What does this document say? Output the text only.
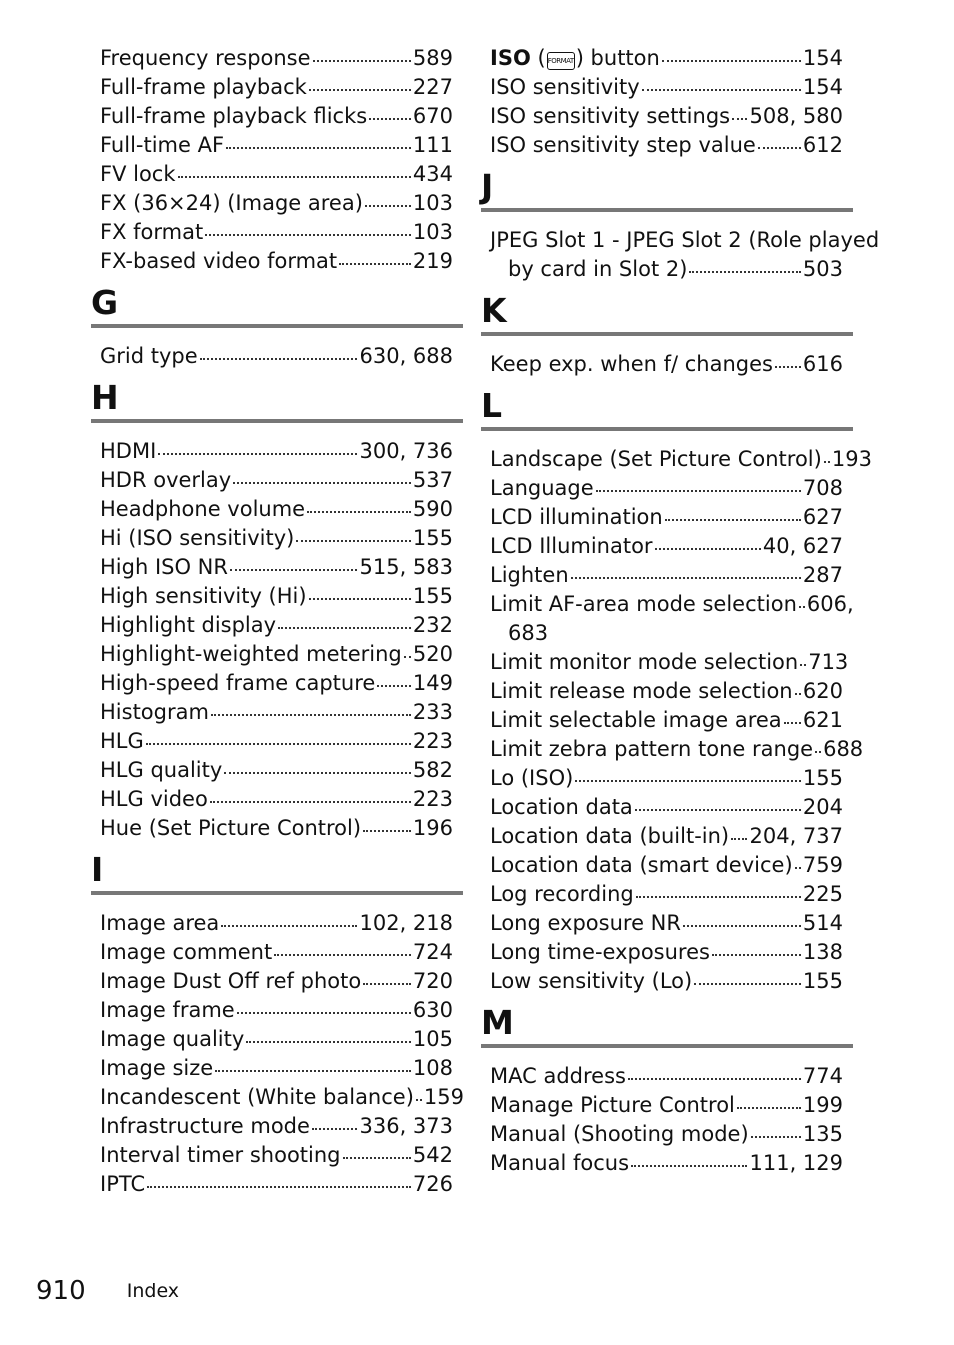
Frequency response	589
Full-frame playback	227
Full-frame playback flicks 670
Full-time AF	111
FV lock	434
FX (36×24) (Image area) 103
FX format	103
FX-based video format	219
G
Grid type	630, 688
H
HDMI	300, 736
HDR overlay	537
Headphone volume	590
Hi (ISO sensitivity)	155
High ISO NR	515, 583
High sensitivity (Hi)	155
Highlight display	232
Highlight-weighted metering 520
High-speed frame capture 149
Histogram	233
HLG	223
HLG quality	582
HLG video	223
Hue (Set Picture Control) 196
I
Image area	102, 218
Image comment	724
Image Dust Off ref photo 720
Image frame	630
Image quality	105
Image size	108
Incandescent (White balance) 159
Infrastructure mode 336, 373
Interval timer shooting	542
IPTC	726
ISO ( FORMAT) button	154
ISO sensitivity	154
ISO sensitivity settings 508, 580
ISO sensitivity step value 612
J
JPEG Slot 1 - JPEG Slot 2 (Role played
by card in Slot 2)	503
K
Keep exp. when f/ changes 616
L
Landscape (Set Picture Control) 193
Language	708
LCD illumination	627
LCD Illuminator	40, 627
Lighten	287
Limit AF-area mode selection 606,
683
Limit monitor mode selection 713
Limit release mode selection 620
Limit selectable image area 621
Limit zebra pattern tone range 688
Lo (ISO)	155
Location data	204
Location data (built-in) 204, 737
Location data (smart device) 759
Log recording	225
Long exposure NR	514
Long time-exposures	138
Low sensitivity (Lo)	155
M
MAC address	774
Manage Picture Control	199
Manual (Shooting mode)	135
Manual focus	111, 129
910 Index
